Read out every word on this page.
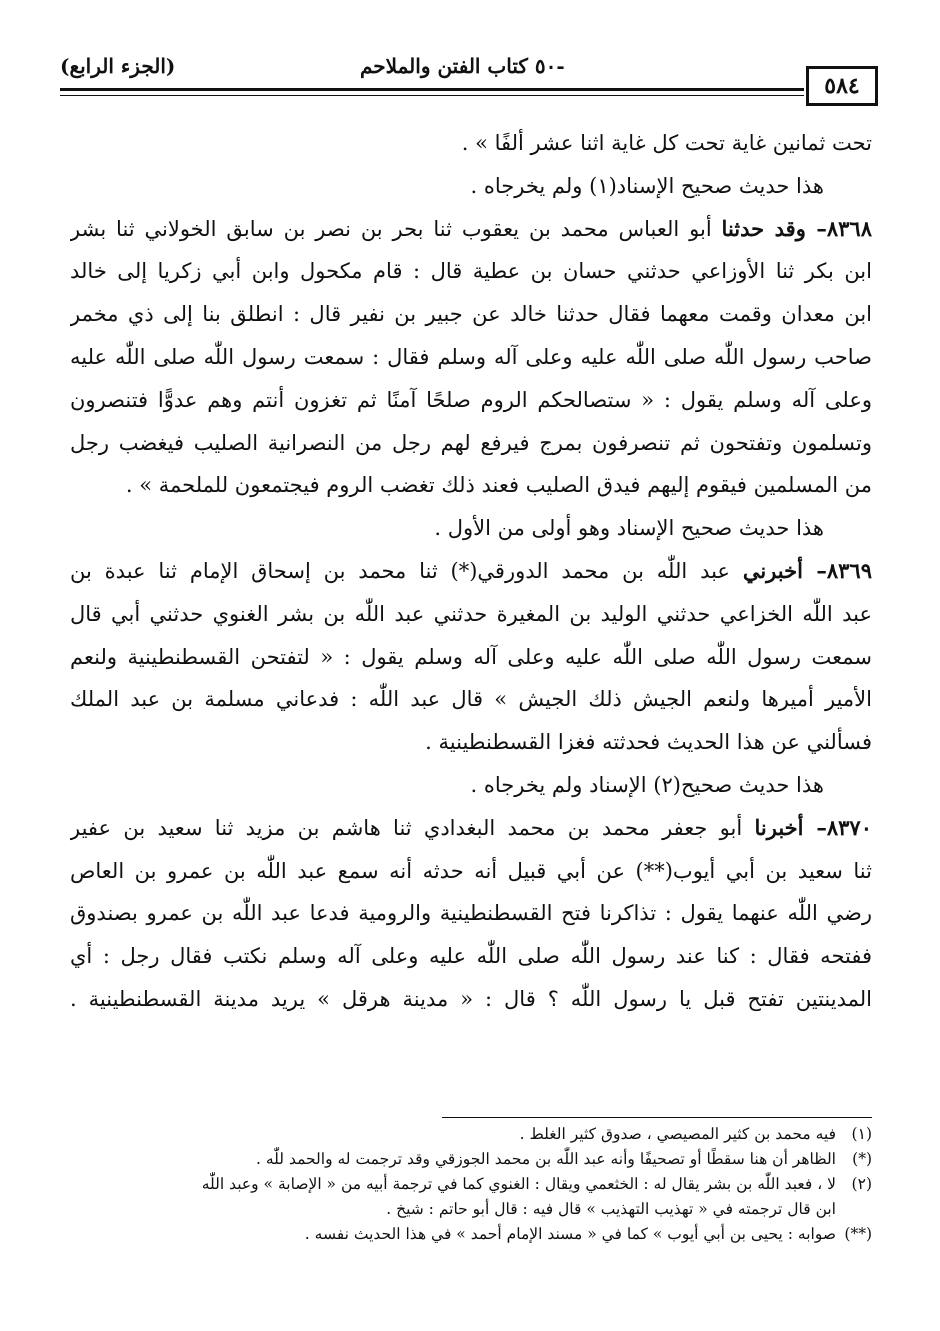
(الجزء الرابع)	-٥٠ كتاب الفتن والملاحم
٥٨٤
تحت ثمانين غاية تحت كل غاية اثنا عشر ألفًا » .
هذا حديث صحيح الإسناد(١) ولم يخرجاه .
٨٣٦٨– وقد حدثنا أبو العباس محمد بن يعقوب ثنا بحر بن نصر بن سابق الخولاني ثنا بشر
ابن بكر ثنا الأوزاعي حدثني حسان بن عطية قال : قام مكحول وابن أبي زكريا إلى خالد
ابن معدان وقمت معهما فقال حدثنا خالد عن جبير بن نفير قال : انطلق بنا إلى ذي مخمر
صاحب رسول اللّٰه صلى اللّٰه عليه وعلى آله وسلم فقال : سمعت رسول اللّٰه صلى اللّٰه عليه
وعلى آله وسلم يقول : « ستصالحكم الروم صلحًا آمنًا ثم تغزون أنتم وهم عدوًّا فتنصرون
وتسلمون وتفتحون ثم تنصرفون بمرج فيرفع لهم رجل من النصرانية الصليب فيغضب رجل
من المسلمين فيقوم إليهم فيدق الصليب فعند ذلك تغضب الروم فيجتمعون للملحمة » .
هذا حديث صحيح الإسناد وهو أولى من الأول .
٨٣٦٩– أخبرني عبد اللّٰه بن محمد الدورقي(*) ثنا محمد بن إسحاق الإمام ثنا عبدة بن
عبد اللّٰه الخزاعي حدثني الوليد بن المغيرة حدثني عبد اللّٰه بن بشر الغنوي حدثني أبي قال
سمعت رسول اللّٰه صلى اللّٰه عليه وعلى آله وسلم يقول : « لتفتحن القسطنطينية ولنعم
الأمير أميرها ولنعم الجيش ذلك الجيش » قال عبد اللّٰه : فدعاني مسلمة بن عبد الملك
فسألني عن هذا الحديث فحدثته فغزا القسطنطينية .
هذا حديث صحيح(٢) الإسناد ولم يخرجاه .
٨٣٧٠– أخبرنا أبو جعفر محمد بن محمد البغدادي ثنا هاشم بن مزيد ثنا سعيد بن عفير
ثنا سعيد بن أبي أيوب(**) عن أبي قبيل أنه حدثه أنه سمع عبد اللّٰه بن عمرو بن العاص
رضي اللّٰه عنهما يقول : تذاكرنا فتح القسطنطينية والرومية فدعا عبد اللّٰه بن عمرو بصندوق
ففتحه فقال : كنا عند رسول اللّٰه صلى اللّٰه عليه وعلى آله وسلم نكتب فقال رجل : أي
المدينتين تفتح قبل يا رسول اللّٰه ؟ قال : « مدينة هرقل » يريد مدينة القسطنطينية .
(١)فيه محمد بن كثير المصيصي ، صدوق كثير الغلط .
(*)الظاهر أن هنا سقطًا أو تصحيفًا وأنه عبد اللّٰه بن محمد الجوزقي وقد ترجمت له والحمد للّٰه .
(٢)لا ، فعبد اللّٰه بن بشر يقال له : الخثعمي ويقال : الغنوي كما في ترجمة أبيه من « الإصابة » وعبد اللّٰه
ابن قال ترجمته في « تهذيب التهذيب » قال فيه : قال أبو حاتم : شيخ .
(**)صوابه : يحيى بن أبي أيوب » كما في « مسند الإمام أحمد » في هذا الحديث نفسه .
